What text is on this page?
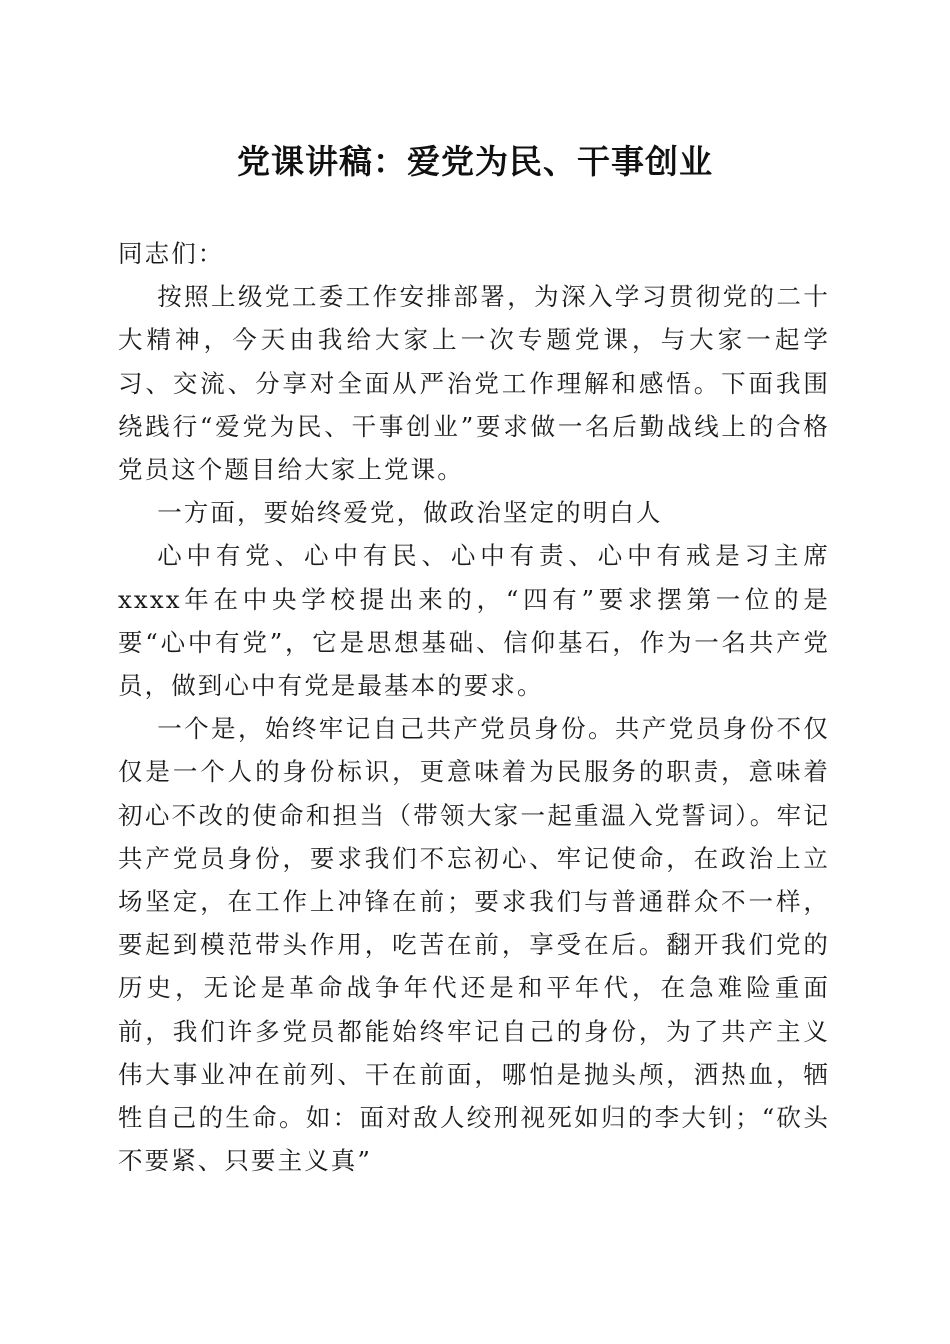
党课讲稿：爱党为民、干事创业

同志们：

按照上级党工委工作安排部署，为深入学习贯彻党的二十大精神，今天由我给大家上一次专题党课，与大家一起学习、交流、分享对全面从严治党工作理解和感悟。下面我围绕践行“爱党为民、干事创业”要求做一名后勤战线上的合格党员这个题目给大家上党课。

一方面，要始终爱党，做政治坚定的明白人

心中有党、心中有民、心中有责、心中有戒是习主席xxxx年在中央学校提出来的，“四有”要求摆第一位的是要“心中有党”，它是思想基础、信仰基石，作为一名共产党员，做到心中有党是最基本的要求。

一个是，始终牢记自己共产党员身份。共产党员身份不仅仅是一个人的身份标识，更意味着为民服务的职责，意味着初心不改的使命和担当（带领大家一起重温入党誓词）。牢记共产党员身份，要求我们不忘初心、牢记使命，在政治上立场坚定，在工作上冲锋在前；要求我们与普通群众不一样，要起到模范带头作用，吃苦在前，享受在后。翻开我们党的历史，无论是革命战争年代还是和平年代，在急难险重面前，我们许多党员都能始终牢记自己的身份，为了共产主义伟大事业冲在前列、干在前面，哪怕是抛头颅，洒热血，牺牲自己的生命。如：面对敌人绞刑视死如归的李大钊；“砍头不要紧、只要主义真”
